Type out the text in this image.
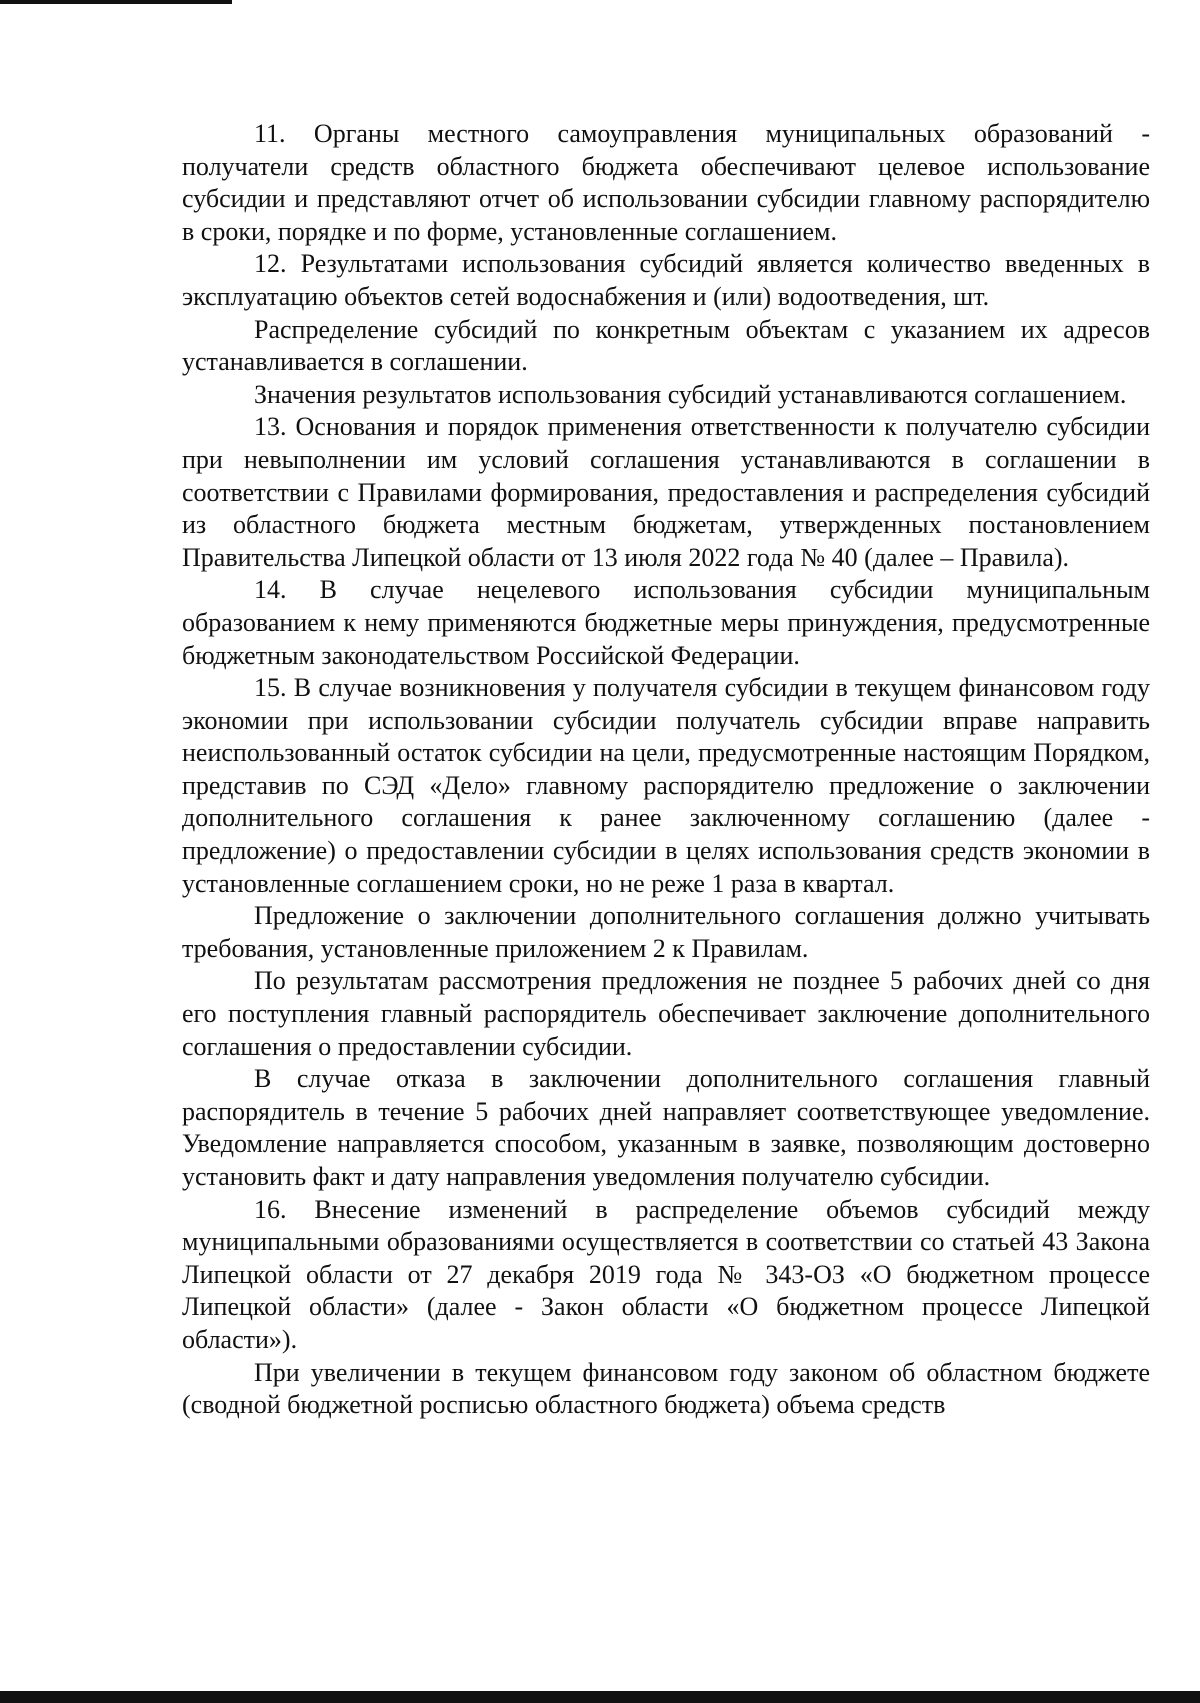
11. Органы местного самоуправления муниципальных образований - получатели средств областного бюджета обеспечивают целевое использование субсидии и представляют отчет об использовании субсидии главному распорядителю в сроки, порядке и по форме, установленные соглашением.

12. Результатами использования субсидий является количество введенных в эксплуатацию объектов сетей водоснабжения и (или) водоотведения, шт.

Распределение субсидий по конкретным объектам с указанием их адресов устанавливается в соглашении.

Значения результатов использования субсидий устанавливаются соглашением.

13. Основания и порядок применения ответственности к получателю субсидии при невыполнении им условий соглашения устанавливаются в соглашении в соответствии с Правилами формирования, предоставления и распределения субсидий из областного бюджета местным бюджетам, утвержденных постановлением Правительства Липецкой области от 13 июля 2022 года № 40 (далее – Правила).

14. В случае нецелевого использования субсидии муниципальным образованием к нему применяются бюджетные меры принуждения, предусмотренные бюджетным законодательством Российской Федерации.

15. В случае возникновения у получателя субсидии в текущем финансовом году экономии при использовании субсидии получатель субсидии вправе направить неиспользованный остаток субсидии на цели, предусмотренные настоящим Порядком, представив по СЭД «Дело» главному распорядителю предложение о заключении дополнительного соглашения к ранее заключенному соглашению (далее - предложение) о предоставлении субсидии в целях использования средств экономии в установленные соглашением сроки, но не реже 1 раза в квартал.

Предложение о заключении дополнительного соглашения должно учитывать требования, установленные приложением 2 к Правилам.

По результатам рассмотрения предложения не позднее 5 рабочих дней со дня его поступления главный распорядитель обеспечивает заключение дополнительного соглашения о предоставлении субсидии.

В случае отказа в заключении дополнительного соглашения главный распорядитель в течение 5 рабочих дней направляет соответствующее уведомление. Уведомление направляется способом, указанным в заявке, позволяющим достоверно установить факт и дату направления уведомления получателю субсидии.

16. Внесение изменений в распределение объемов субсидий между муниципальными образованиями осуществляется в соответствии со статьей 43 Закона Липецкой области от 27 декабря 2019 года № 343-ОЗ «О бюджетном процессе Липецкой области» (далее - Закон области «О бюджетном процессе Липецкой области»).

При увеличении в текущем финансовом году законом об областном бюджете (сводной бюджетной росписью областного бюджета) объема средств
